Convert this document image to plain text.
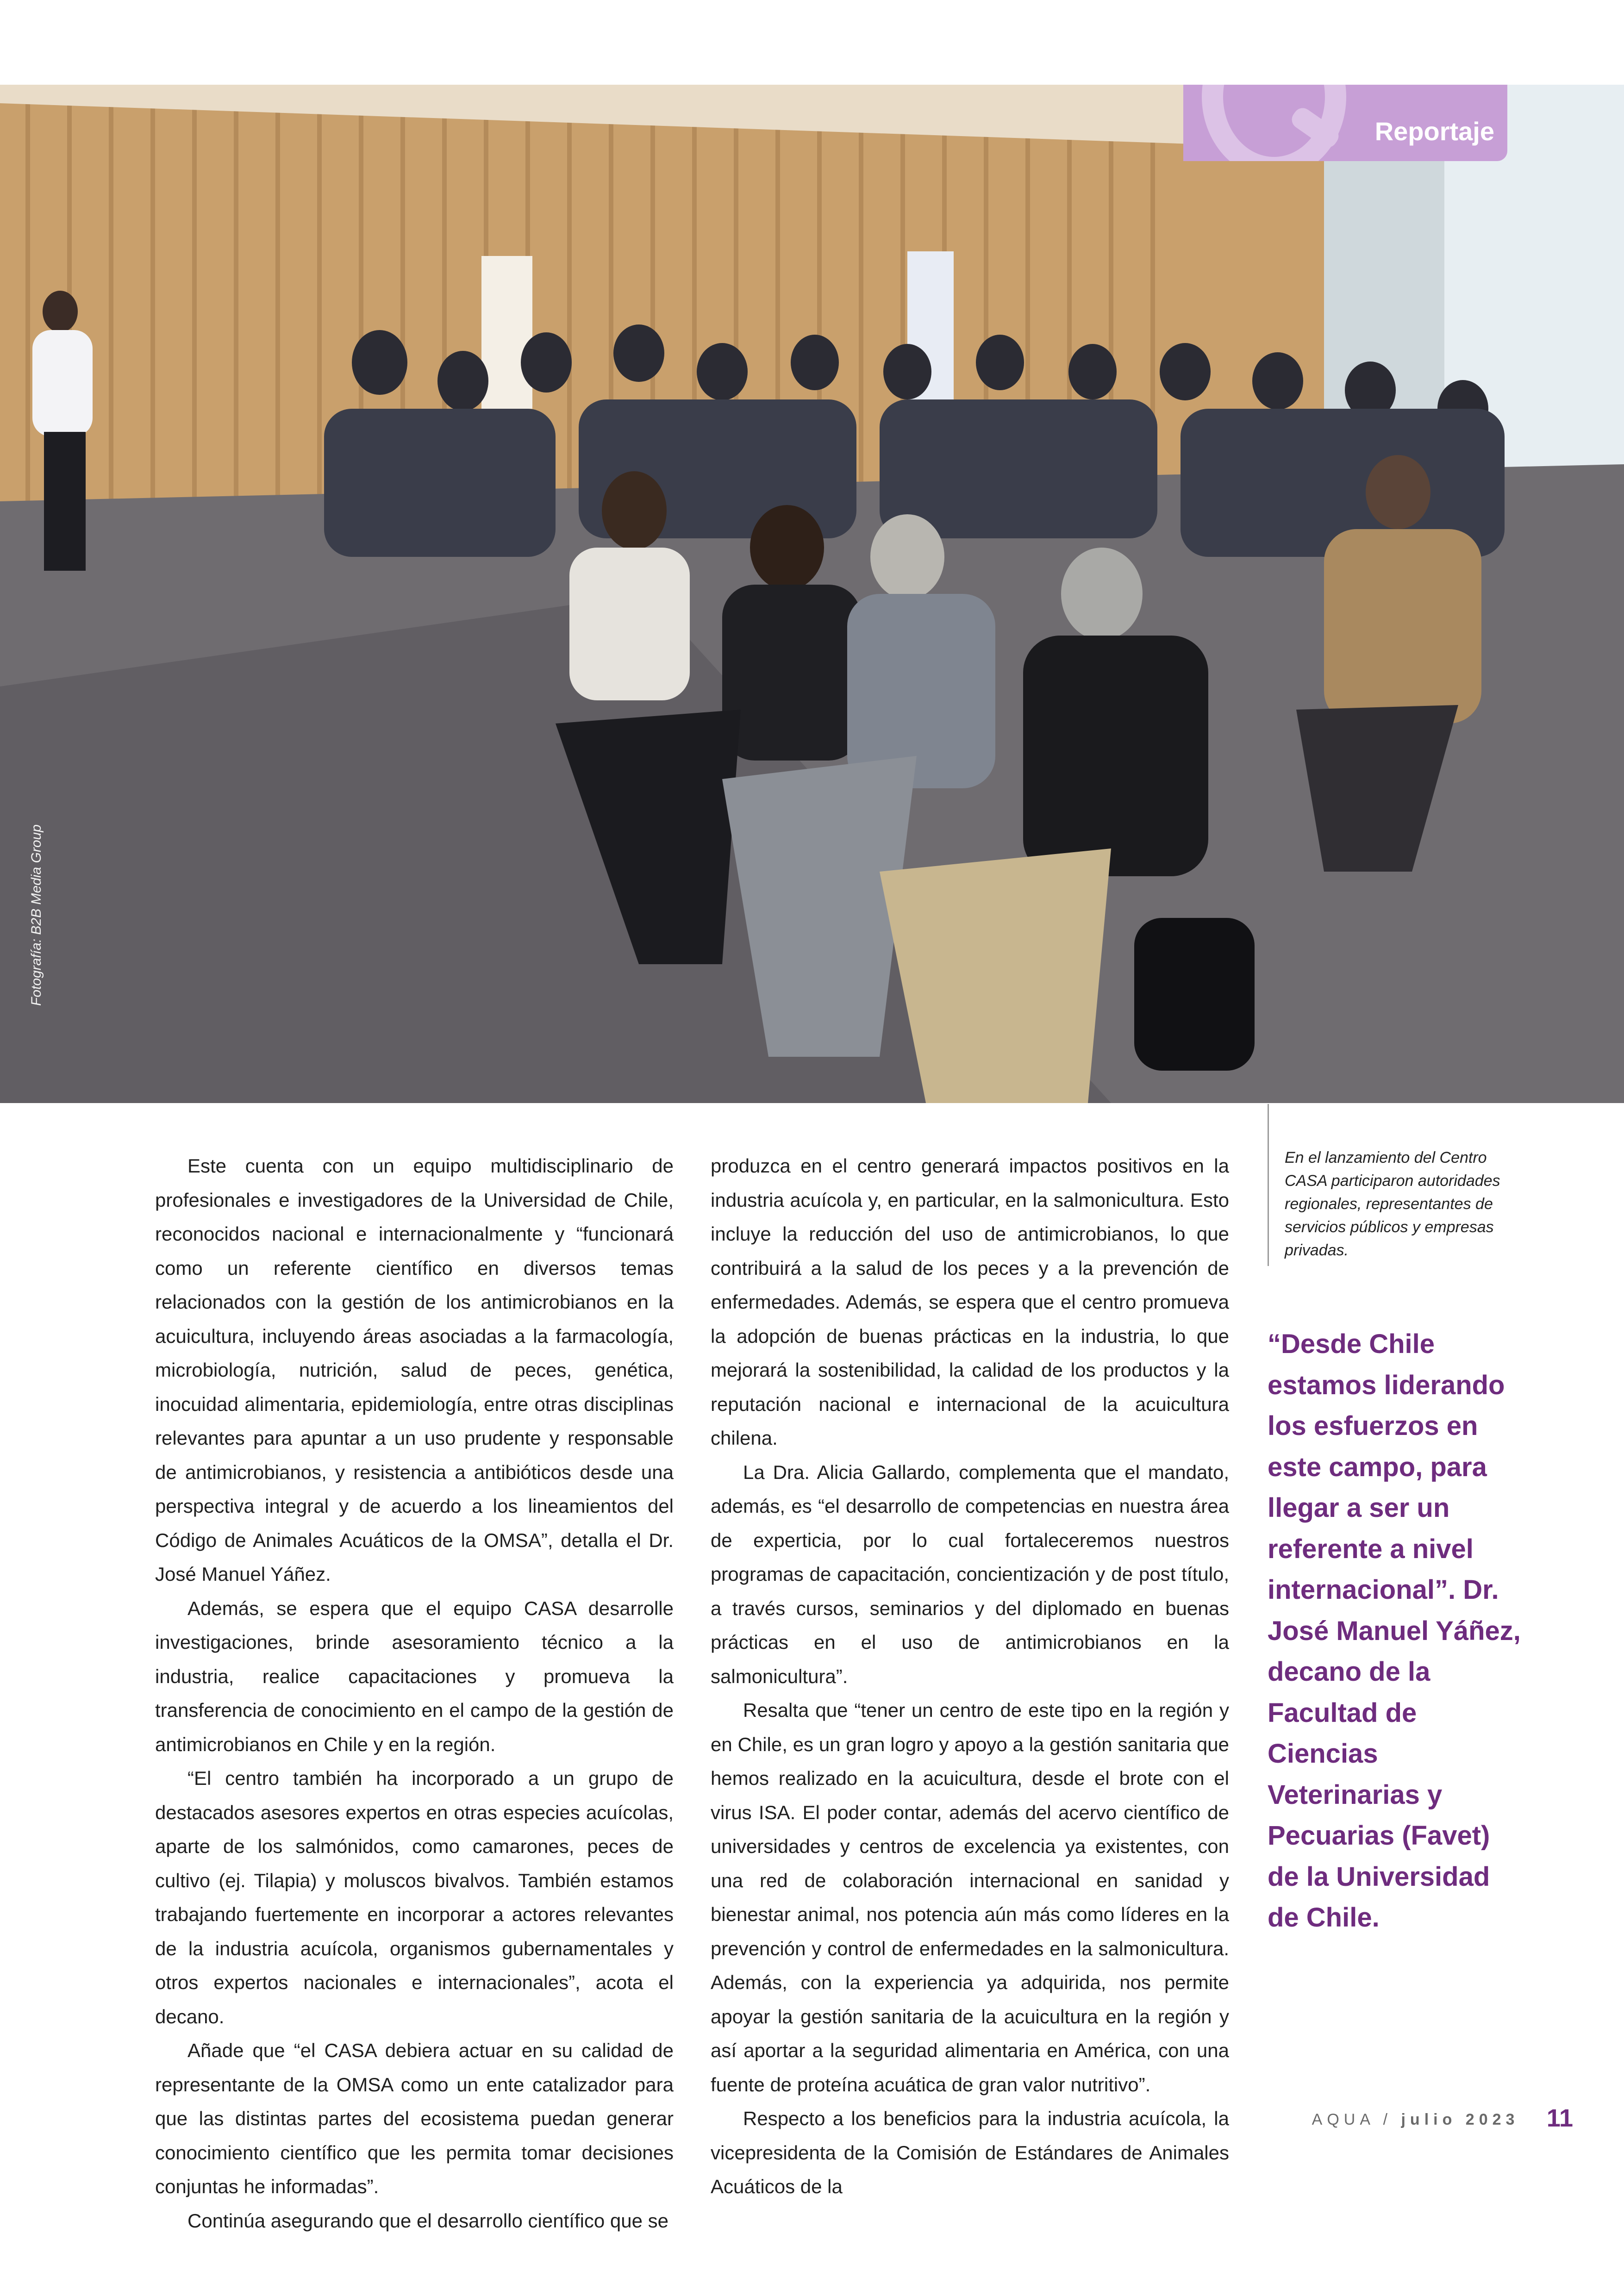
Fotografía: B2B Media Group
Reportaje

Este cuenta con un equipo multidisciplinario de profesionales e investigadores de la Universidad de Chile, reconocidos nacional e internacionalmente y “funcionará como un referente científico en diversos temas relacionados con la gestión de los antimicrobianos en la acuicultura, incluyendo áreas asociadas a la farmacología, microbiología, nutrición, salud de peces, genética, inocuidad alimentaria, epidemiología, entre otras disciplinas relevantes para apuntar a un uso prudente y responsable de antimicrobianos, y resistencia a antibióticos desde una perspectiva integral y de acuerdo a los lineamientos del Código de Animales Acuáticos de la OMSA”, detalla el Dr. José Manuel Yáñez.

Además, se espera que el equipo CASA desarrolle investigaciones, brinde asesoramiento técnico a la industria, realice capacitaciones y promueva la transferencia de conocimiento en el campo de la gestión de antimicrobianos en Chile y en la región.

“El centro también ha incorporado a un grupo de destacados asesores expertos en otras especies acuícolas, aparte de los salmónidos, como camarones, peces de cultivo (ej. Tilapia) y moluscos bivalvos. También estamos trabajando fuertemente en incorporar a actores relevantes de la industria acuícola, organismos gubernamentales y otros expertos nacionales e internacionales”, acota el decano.

Añade que “el CASA debiera actuar en su calidad de representante de la OMSA como un ente catalizador para que las distintas partes del ecosistema puedan generar conocimiento científico que les permita tomar decisiones conjuntas he informadas”.

Continúa asegurando que el desarrollo científico que se

produzca en el centro generará impactos positivos en la industria acuícola y, en particular, en la salmonicultura. Esto incluye la reducción del uso de antimicrobianos, lo que contribuirá a la salud de los peces y a la prevención de enfermedades. Además, se espera que el centro promueva la adopción de buenas prácticas en la industria, lo que mejorará la sostenibilidad, la calidad de los productos y la reputación nacional e internacional de la acuicultura chilena.

La Dra. Alicia Gallardo, complementa que el mandato, además, es “el desarrollo de competencias en nuestra área de experticia, por lo cual fortaleceremos nuestros programas de capacitación, concientización y de post título, a través cursos, seminarios y del diplomado en buenas prácticas en el uso de antimicrobianos en la salmonicultura”.

Resalta que “tener un centro de este tipo en la región y en Chile, es un gran logro y apoyo a la gestión sanitaria que hemos realizado en la acuicultura, desde el brote con el virus ISA. El poder contar, además del acervo científico de universidades y centros de excelencia ya existentes, con una red de colaboración internacional en sanidad y bienestar animal, nos potencia aún más como líderes en la prevención y control de enfermedades en la salmonicultura. Además, con la experiencia ya adquirida, nos permite apoyar la gestión sanitaria de la acuicultura en la región y así aportar a la seguridad alimentaria en América, con una fuente de proteína acuática de gran valor nutritivo”.

Respecto a los beneficios para la industria acuícola, la vicepresidenta de la Comisión de Estándares de Animales Acuáticos de la

En el lanzamiento del Centro CASA participaron autoridades regionales, representantes de servicios públicos y empresas privadas.
“Desde Chile estamos liderando los esfuerzos en este campo, para llegar a ser un referente a nivel internacional”. Dr. José Manuel Yáñez, decano de la Facultad de Ciencias Veterinarias y Pecuarias (Favet) de la Universidad de Chile.
AQUA / julio 2023 11
